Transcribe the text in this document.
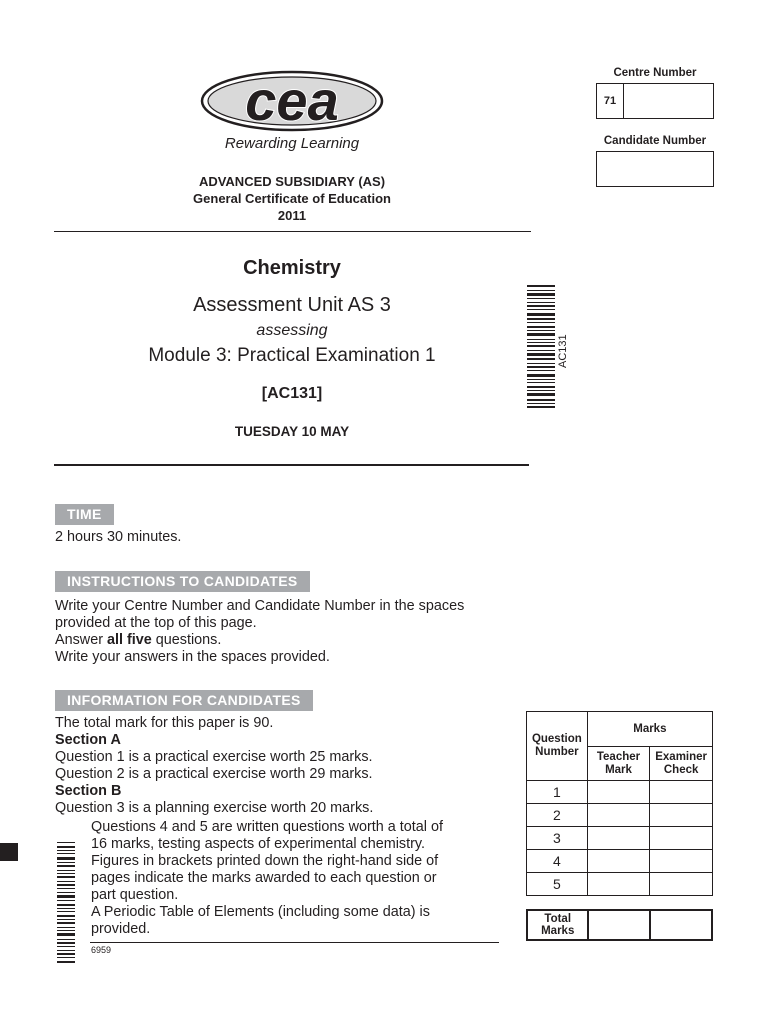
cea
Rewarding Learning
ADVANCED SUBSIDIARY (AS)
General Certificate of Education
2011
Centre Number
71
Candidate Number
Chemistry
Assessment Unit AS 3
assessing
Module 3: Practical Examination 1
[AC131]
TUESDAY 10 MAY
AC131
TIME
2 hours 30 minutes.
INSTRUCTIONS TO CANDIDATES
Write your Centre Number and Candidate Number in the spaces
provided at the top of this page.
Answer all five questions.
Write your answers in the spaces provided.
INFORMATION FOR CANDIDATES
The total mark for this paper is 90.
Section A
Question 1 is a practical exercise worth 25 marks.
Question 2 is a practical exercise worth 29 marks.
Section B
Question 3 is a planning exercise worth 20 marks.
Questions 4 and 5 are written questions worth a total of
16 marks, testing aspects of experimental chemistry.
Figures in brackets printed down the right-hand side of
pages indicate the marks awarded to each question or
part question.
A Periodic Table of Elements (including some data) is
provided.
6959
Question Number	Marks	
	Teacher Mark	Examiner Check
1		
2		
3		
4		
5		
Total Marks		
